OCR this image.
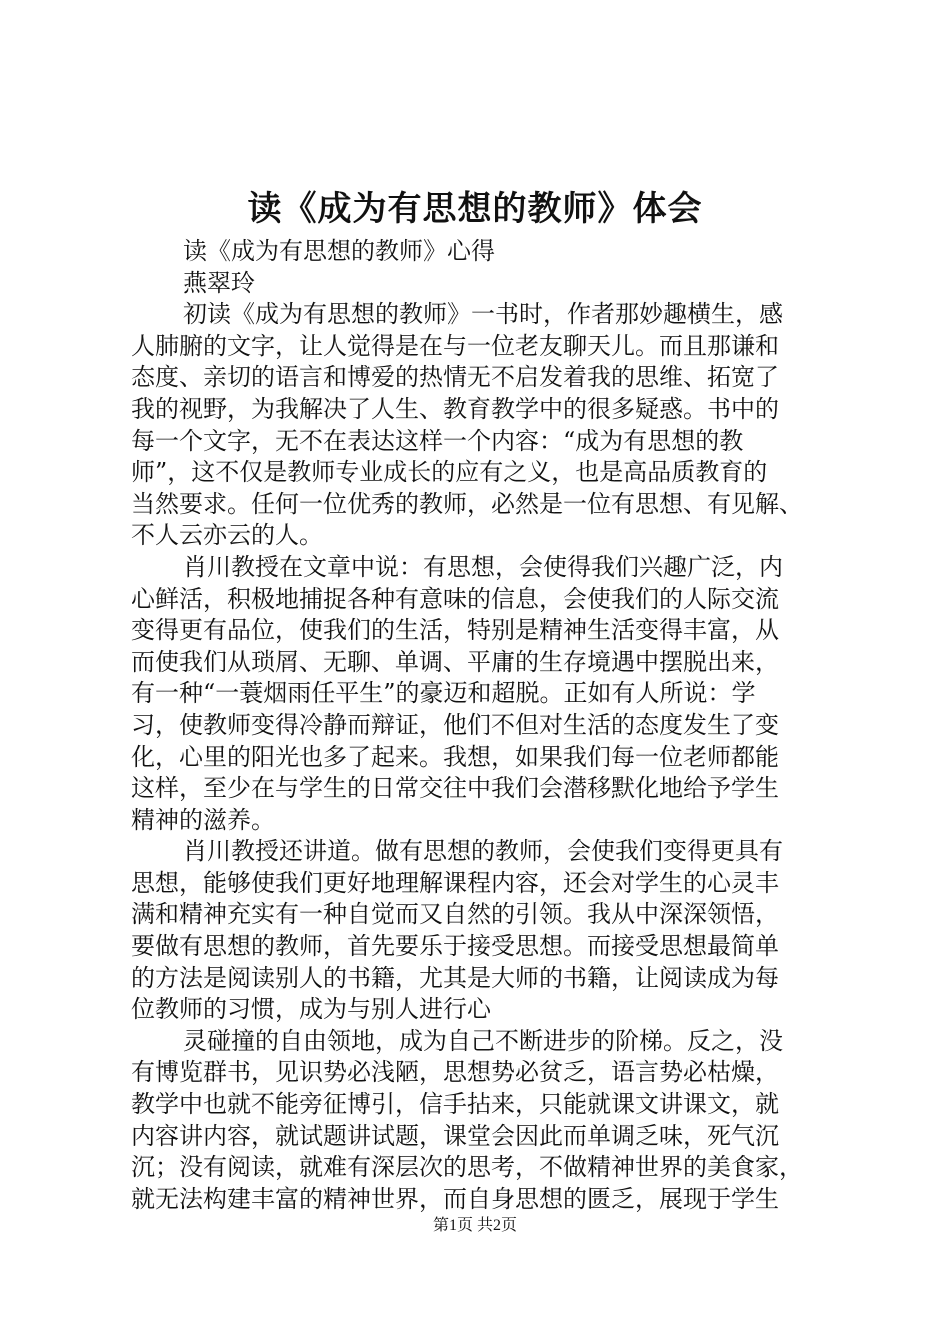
读《成为有思想的教师》体会
读《成为有思想的教师》心得
燕翠玲
初读《成为有思想的教师》一书时，作者那妙趣横生，感
人肺腑的文字，让人觉得是在与一位老友聊天儿。而且那谦和
态度、亲切的语言和博爱的热情无不启发着我的思维、拓宽了
我的视野，为我解决了人生、教育教学中的很多疑惑。书中的
每一个文字，无不在表达这样一个内容：“成为有思想的教
师”，这不仅是教师专业成长的应有之义，也是高品质教育的
当然要求。任何一位优秀的教师，必然是一位有思想、有见解、
不人云亦云的人。
肖川教授在文章中说：有思想，会使得我们兴趣广泛，内
心鲜活，积极地捕捉各种有意味的信息，会使我们的人际交流
变得更有品位，使我们的生活，特别是精神生活变得丰富，从
而使我们从琐屑、无聊、单调、平庸的生存境遇中摆脱出来，
有一种“一蓑烟雨任平生”的豪迈和超脱。正如有人所说：学
习，使教师变得冷静而辩证，他们不但对生活的态度发生了变
化，心里的阳光也多了起来。我想，如果我们每一位老师都能
这样，至少在与学生的日常交往中我们会潜移默化地给予学生
精神的滋养。
肖川教授还讲道。做有思想的教师，会使我们变得更具有
思想，能够使我们更好地理解课程内容，还会对学生的心灵丰
满和精神充实有一种自觉而又自然的引领。我从中深深领悟，
要做有思想的教师，首先要乐于接受思想。而接受思想最简单
的方法是阅读别人的书籍，尤其是大师的书籍，让阅读成为每
位教师的习惯，成为与别人进行心
灵碰撞的自由领地，成为自己不断进步的阶梯。反之，没
有博览群书，见识势必浅陋，思想势必贫乏，语言势必枯燥，
教学中也就不能旁征博引，信手拈来，只能就课文讲课文，就
内容讲内容，就试题讲试题，课堂会因此而单调乏味，死气沉
沉；没有阅读，就难有深层次的思考，不做精神世界的美食家，
就无法构建丰富的精神世界，而自身思想的匮乏，展现于学生
第1页 共2页
